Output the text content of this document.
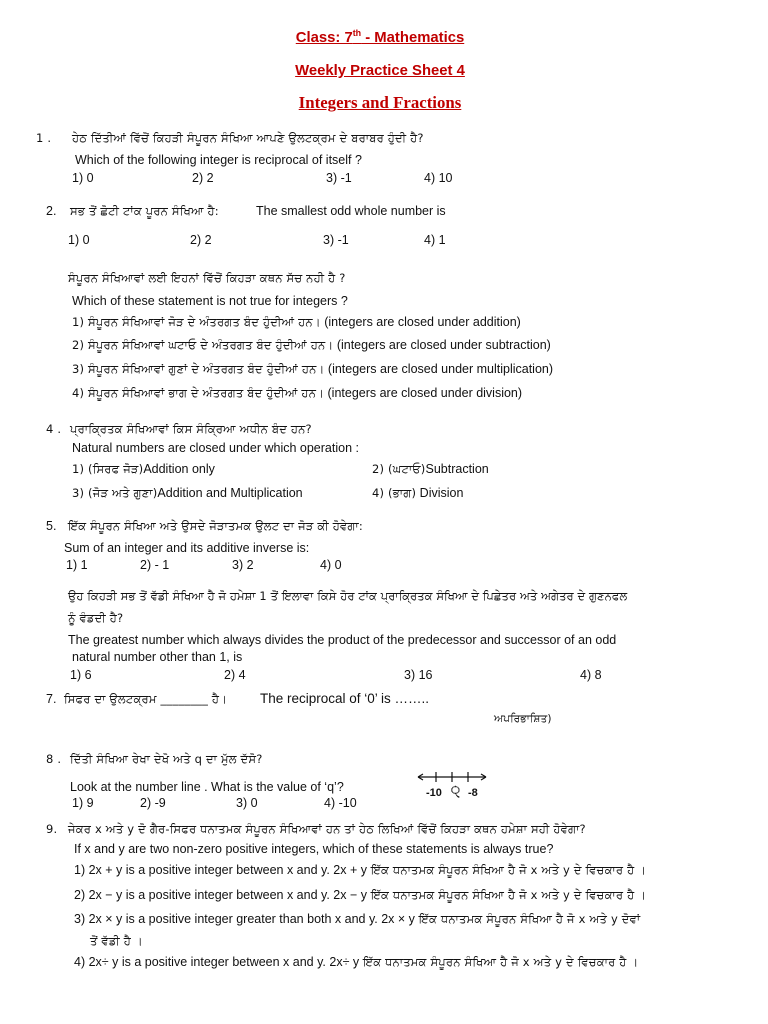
Class: 7th - Mathematics
Weekly Practice Sheet 4
Integers and Fractions
1 . ਹੇਠ ਦਿੱਤੀਆਂ ਵਿੱਚੋਂ ਕਿਹੜੀ ਸੰਪੂਰਨ ਸੰਖਿਆ ਆਪਣੇ ਉਲਟਕ੍ਰਮ ਦੇ ਬਰਾਬਰ ਹੁੰਦੀ ਹੈ?
Which of the following integer is reciprocal of itself ?
1) 0	2) 2	3) -1	4) 10
2. ਸਭ ਤੋਂ ਛੋਟੀ ਟਾਂਕ ਪੂਰਨ ਸੰਖਿਆ ਹੈ:	The smallest odd whole number is
1) 0	2) 2	3) -1	4) 1
ਸੰਪੂਰਨ ਸੰਖਿਆਵਾਂ ਲਈ ਇਹਨਾਂ ਵਿੱਚੋਂ ਕਿਹੜਾ ਕਥਨ ਸੱਚ ਨਹੀ ਹੈ ?
Which of these statement is not true for integers ?
1) ਸੰਪੂਰਨ ਸੰਖਿਆਵਾਂ ਜੋੜ ਦੇ ਅੰਤਰਗਤ ਬੰਦ ਹੁੰਦੀਆਂ ਹਨ। (integers are closed under addition)
2) ਸੰਪੂਰਨ ਸੰਖਿਆਵਾਂ ਘਟਾਓ ਦੇ ਅੰਤਰਗਤ ਬੰਦ ਹੁੰਦੀਆਂ ਹਨ। (integers are closed under subtraction)
3) ਸੰਪੂਰਨ ਸੰਖਿਆਵਾਂ ਗੁਣਾਂ ਦੇ ਅੰਤਰਗਤ ਬੰਦ ਹੁੰਦੀਆਂ ਹਨ। (integers are closed under multiplication)
4) ਸੰਪੂਰਨ ਸੰਖਿਆਵਾਂ ਭਾਗ ਦੇ ਅੰਤਰਗਤ ਬੰਦ ਹੁੰਦੀਆਂ ਹਨ। (integers are closed under division)
4 . ਪ੍ਰਾਕ੍ਰਿਤਕ ਸੰਖਿਆਵਾਂ ਕਿਸ ਸੰਕ੍ਰਿਆ ਅਧੀਨ ਬੰਦ ਹਨ?
Natural numbers are closed under which operation :
1) (ਸਿਰਫ ਜੋੜ)Addition only	2) (ਘਟਾਓ)Subtraction
3) (ਜੋੜ ਅਤੇ ਗੁਣਾ)Addition and Multiplication	4) (ਭਾਗ) Division
5. ਇੱਕ ਸੰਪੂਰਨ ਸੰਖਿਆ ਅਤੇ ਉਸਦੇ ਜੋੜਾਤਮਕ ਉਲਟ ਦਾ ਜੋੜ ਕੀ ਹੋਵੇਗਾ:
Sum of an integer and its additive inverse is:
1) 1	2) - 1	3) 2	4) 0
ਉਹ ਕਿਹੜੀ ਸਭ ਤੋਂ ਵੱਡੀ ਸੰਖਿਆ ਹੈ ਜੋ ਹਮੇਸ਼ਾ 1 ਤੋਂ ਇਲਾਵਾ ਕਿਸੇ ਹੋਰ ਟਾਂਕ ਪ੍ਰਾਕ੍ਰਿਤਕ ਸੰਖਿਆ ਦੇ ਪਿਛੇਤਰ ਅਤੇ ਅਗੇਤਰ ਦੇ ਗੁਣਨਫਲ
ਨੂੰ ਵੰਡਦੀ ਹੈ?
The greatest number which always divides the product of the predecessor and successor of an odd
natural number other than 1, is
1) 6	2) 4	3) 16	4) 8
7. ਸਿਫਰ ਦਾ ਉਲਟਕ੍ਰਮ ________ ਹੈ। The reciprocal of ‘0’ is ……..
ਅਪਰਿਭਾਸ਼ਿਤ)
8 . ਦਿੱਤੀ ਸੰਖਿਆ ਰੇਖਾ ਦੇਖੋ ਅਤੇ q ਦਾ ਮੁੱਲ ਦੱਸੋ?
Look at the number line . What is the value of ‘q’?
1) 9	2) -9	3) 0	4) -10
-10 ੑ -8
9. ਜੇਕਰ x ਅਤੇ y ਦੋ ਗੈਰ-ਸਿਫਰ ਧਨਾਤਮਕ ਸੰਪੂਰਨ ਸੰਖਿਆਵਾਂ ਹਨ ਤਾਂ ਹੇਠ ਲਿਖਿਆਂ ਵਿੱਚੋਂ ਕਿਹੜਾ ਕਥਨ ਹਮੇਸ਼ਾ ਸਹੀ ਹੋਵੇਗਾ?
If x and y are two non-zero positive integers, which of these statements is always true?
1) 2x + y is a positive integer between x and y. 2x + y ਇੱਕ ਧਨਾਤਮਕ ਸੰਪੂਰਨ ਸੰਖਿਆ ਹੈ ਜੋ x ਅਤੇ y ਦੇ ਵਿਚਕਾਰ ਹੈ ।
2) 2x − y is a positive integer between x and y. 2x − y ਇੱਕ ਧਨਾਤਮਕ ਸੰਪੂਰਨ ਸੰਖਿਆ ਹੈ ਜੋ x ਅਤੇ y ਦੇ ਵਿਚਕਾਰ ਹੈ ।
3) 2x × y is a positive integer greater than both x and y. 2x × y ਇੱਕ ਧਨਾਤਮਕ ਸੰਪੂਰਨ ਸੰਖਿਆ ਹੈ ਜੋ x ਅਤੇ y ਦੋਵਾਂ
ਤੋਂ ਵੱਡੀ ਹੈ ।
4) 2x÷ y is a positive integer between x and y. 2x÷ y ਇੱਕ ਧਨਾਤਮਕ ਸੰਪੂਰਨ ਸੰਖਿਆ ਹੈ ਜੋ x ਅਤੇ y ਦੇ ਵਿਚਕਾਰ ਹੈ ।
